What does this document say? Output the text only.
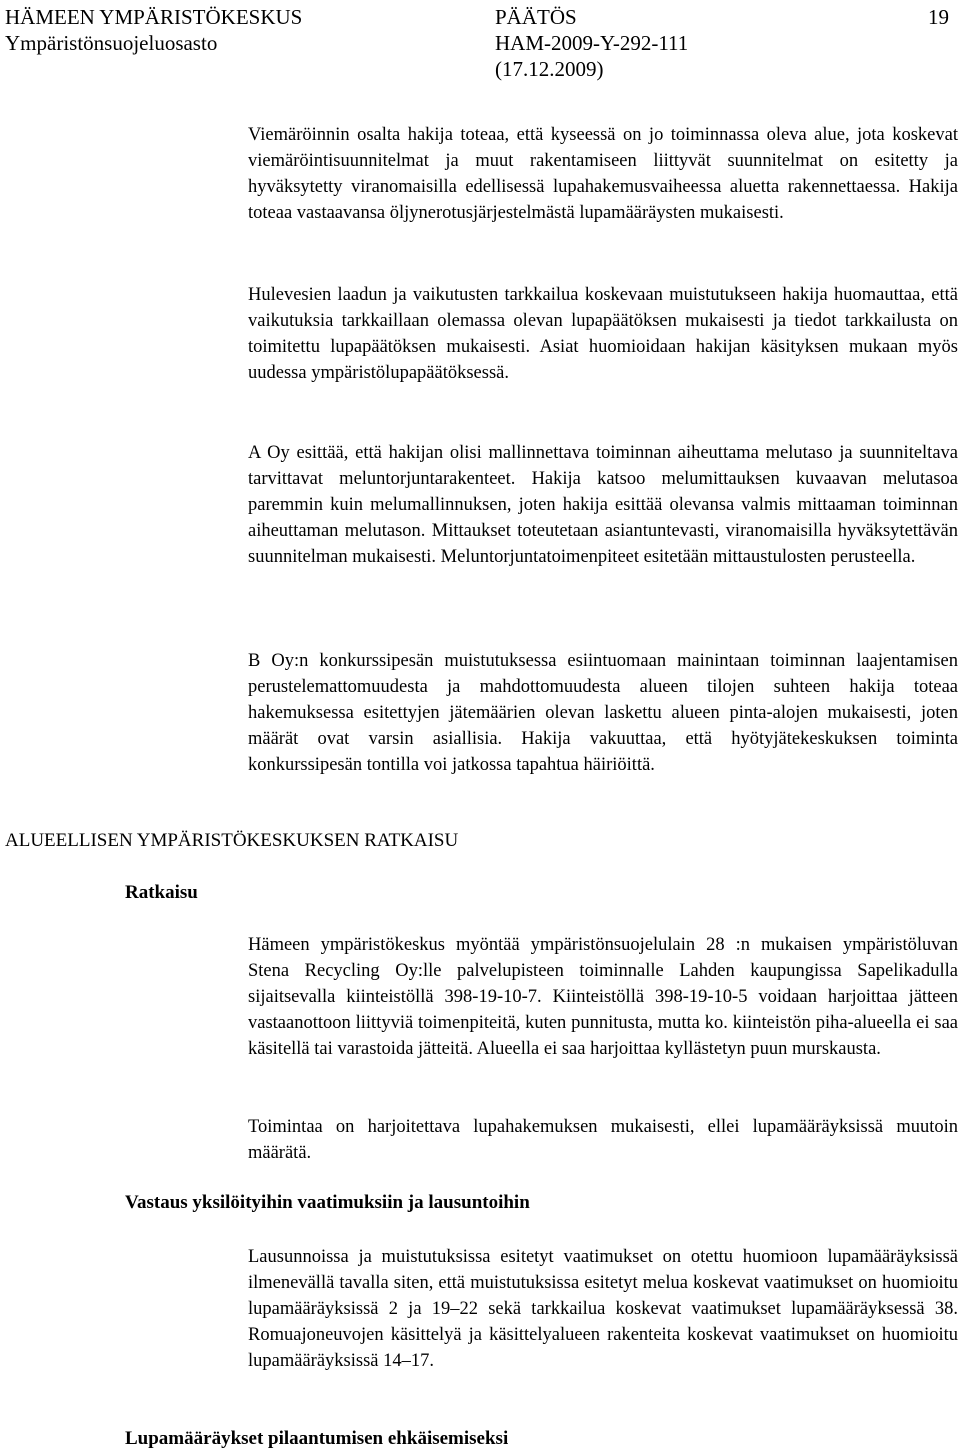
HÄMEEN YMPÄRISTÖKESKUS
Ympäristönsuojeluosasto
PÄÄTÖS
HAM-2009-Y-292-111
(17.12.2009)
19

Viemäröinnin osalta hakija toteaa, että kyseessä on jo toiminnassa oleva alue, jota koskevat viemäröintisuunnitelmat ja muut rakentamiseen liittyvät suunnitelmat on esitetty ja hyväksytetty viranomaisilla edellisessä lupahakemusvaiheessa aluetta rakennettaessa. Hakija toteaa vastaavansa öljynerotusjärjestelmästä lupamääräysten mukaisesti.

Hulevesien laadun ja vaikutusten tarkkailua koskevaan muistutukseen hakija huomauttaa, että vaikutuksia tarkkaillaan olemassa olevan lupapäätöksen mukaisesti ja tiedot tarkkailusta on toimitettu lupapäätöksen mukaisesti. Asiat huomioidaan hakijan käsityksen mukaan myös uudessa ympäristölupapäätöksessä.

A Oy esittää, että hakijan olisi mallinnettava toiminnan aiheuttama melutaso ja suunniteltava tarvittavat meluntorjuntarakenteet. Hakija katsoo melumittauksen kuvaavan melutasoa paremmin kuin melumallinnuksen, joten hakija esittää olevansa valmis mittaaman toiminnan aiheuttaman melutason. Mittaukset toteutetaan asiantuntevasti, viranomaisilla hyväksytettävän suunnitelman mukaisesti. Meluntorjuntatoimenpiteet esitetään mittaustulosten perusteella.

B Oy:n konkurssipesän muistutuksessa esiintuomaan mainintaan toiminnan laajentamisen perustelemattomuudesta ja mahdottomuudesta alueen tilojen suhteen hakija toteaa hakemuksessa esitettyjen jätemäärien olevan laskettu alueen pinta-alojen mukaisesti, joten määrät ovat varsin asiallisia. Hakija vakuuttaa, että hyötyjätekeskuksen toiminta konkurssipesän tontilla voi jatkossa tapahtua häiriöittä.

ALUEELLISEN YMPÄRISTÖKESKUKSEN RATKAISU
Ratkaisu

Hämeen ympäristökeskus myöntää ympäristönsuojelulain 28 :n mukaisen ympäristöluvan Stena Recycling Oy:lle palvelupisteen toiminnalle Lahden kaupungissa Sapelikadulla sijaitsevalla kiinteistöllä 398-19-10-7. Kiinteistöllä 398-19-10-5 voidaan harjoittaa jätteen vastaanottoon liittyviä toimenpiteitä, kuten punnitusta, mutta ko. kiinteistön piha-alueella ei saa käsitellä tai varastoida jätteitä. Alueella ei saa harjoittaa kyllästetyn puun murskausta.

Toimintaa on harjoitettava lupahakemuksen mukaisesti, ellei lupamääräyksissä muutoin määrätä.

Vastaus yksilöityihin vaatimuksiin ja lausuntoihin

Lausunnoissa ja muistutuksissa esitetyt vaatimukset on otettu huomioon lupamääräyksissä ilmenevällä tavalla siten, että muistutuksissa esitetyt melua koskevat vaatimukset on huomioitu lupamääräyksissä 2 ja 19–22 sekä tarkkailua koskevat vaatimukset lupamääräyksessä 38. Romuajoneuvojen käsittelyä ja käsittelyalueen rakenteita koskevat vaatimukset on huomioitu lupamääräyksissä 14–17.

Lupamääräykset pilaantumisen ehkäisemiseksi
